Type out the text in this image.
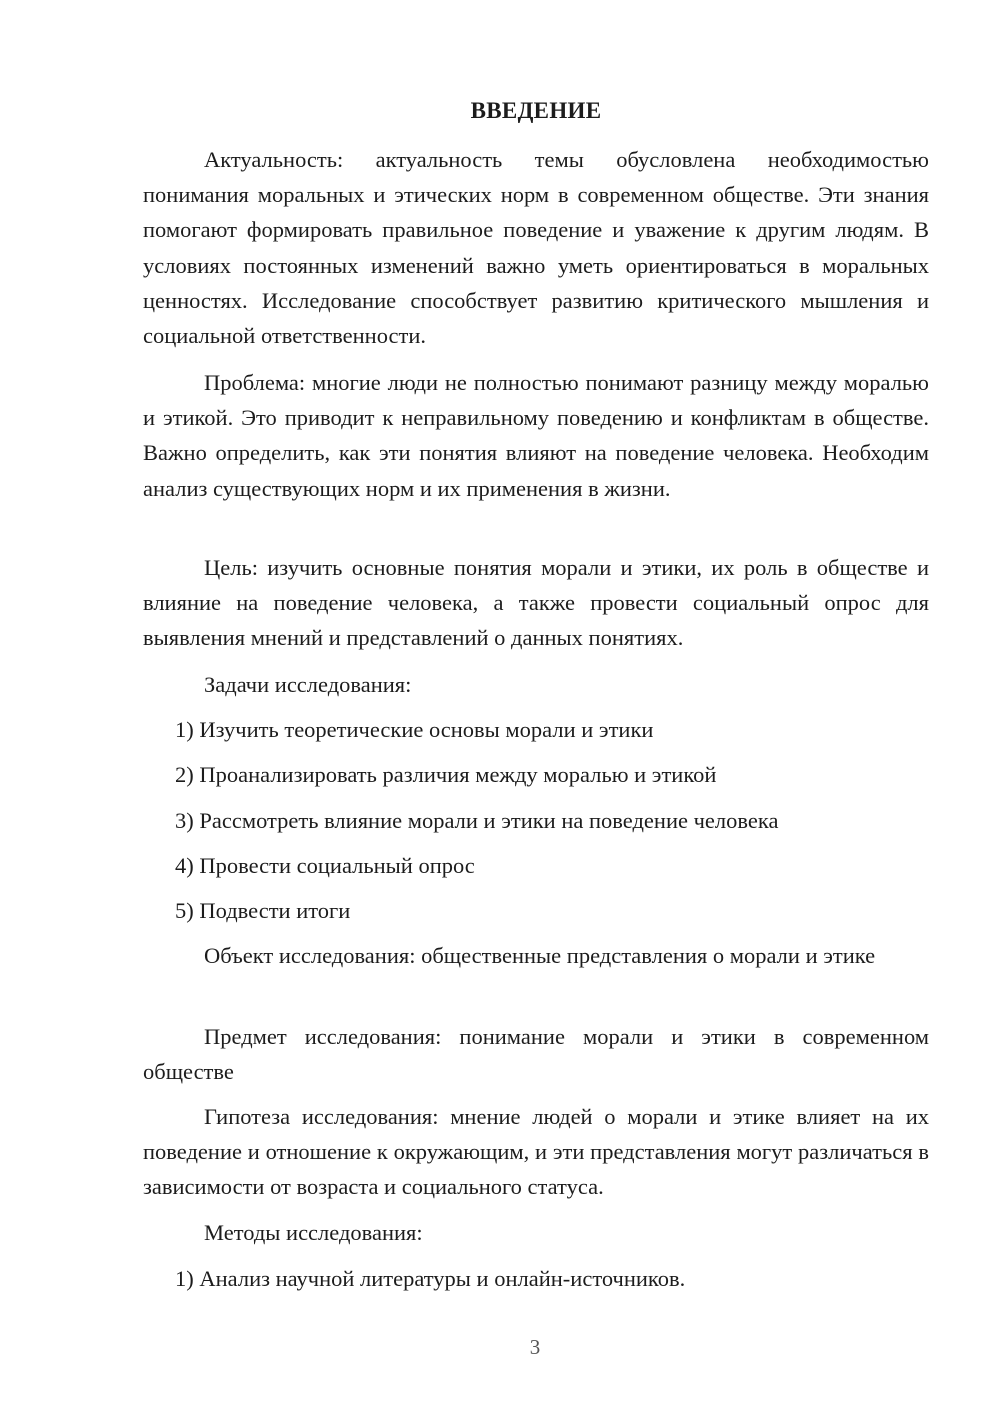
ВВЕДЕНИЕ

Актуальность: актуальность темы обусловлена необходимостью понимания моральных и этических норм в современном обществе. Эти знания помогают формировать правильное поведение и уважение к другим людям. В условиях постоянных изменений важно уметь ориентироваться в моральных ценностях. Исследование способствует развитию критического мышления и социальной ответственности.

Проблема: многие люди не полностью понимают разницу между моралью и этикой. Это приводит к неправильному поведению и конфликтам в обществе. Важно определить, как эти понятия влияют на поведение человека. Необходим анализ существующих норм и их применения в жизни.

Цель: изучить основные понятия морали и этики, их роль в обществе и влияние на поведение человека, а также провести социальный опрос для выявления мнений и представлений о данных понятиях.

Задачи исследования:
1) Изучить теоретические основы морали и этики
2) Проанализировать различия между моралью и этикой
3) Рассмотреть влияние морали и этики на поведение человека
4) Провести социальный опрос
5) Подвести итоги

Объект исследования: общественные представления о морали и этике

Предмет исследования: понимание морали и этики в современном обществе

Гипотеза исследования: мнение людей о морали и этике влияет на их поведение и отношение к окружающим, и эти представления могут различаться в зависимости от возраста и социального статуса.

Методы исследования:
1) Анализ научной литературы и онлайн-источников.
3
